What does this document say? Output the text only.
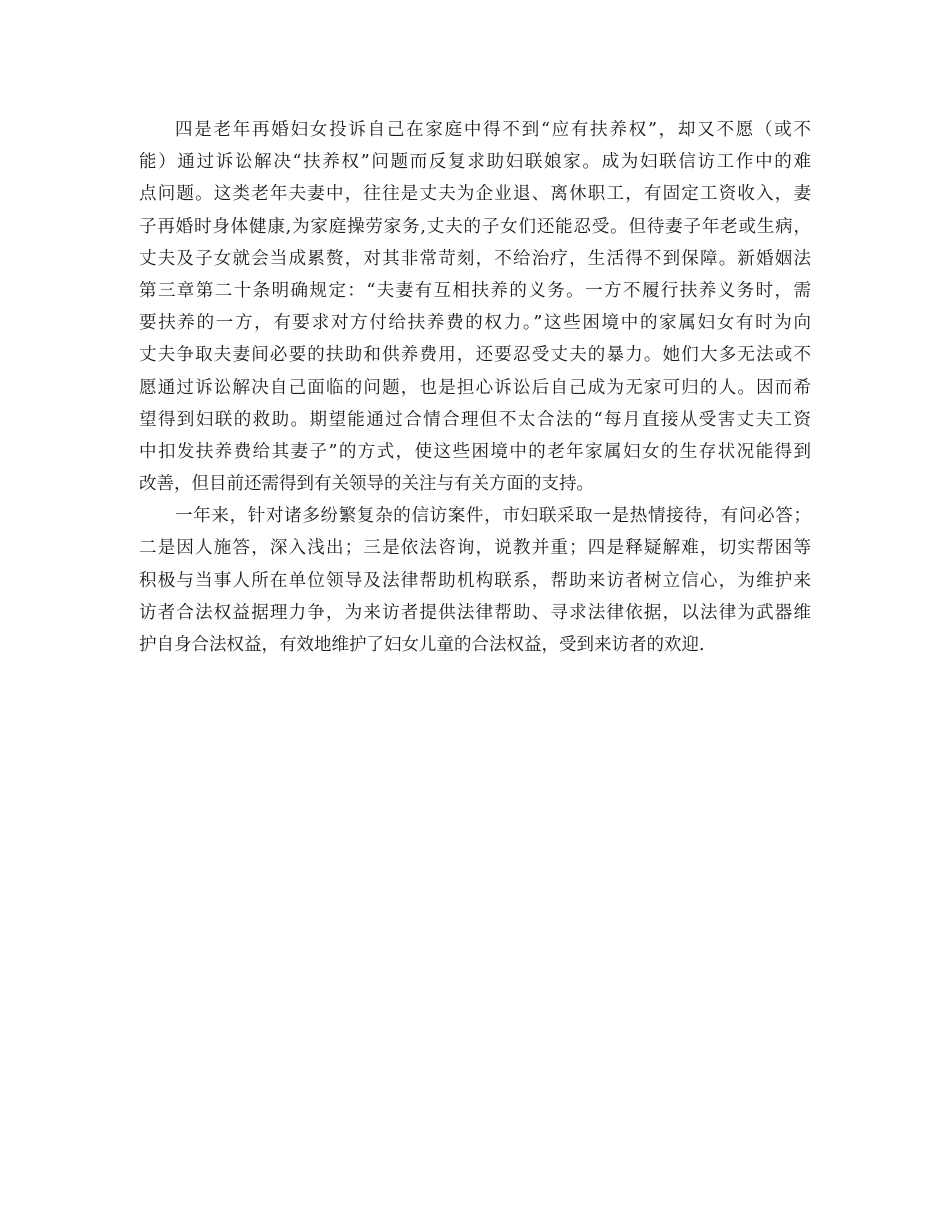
四是老年再婚妇女投诉自己在家庭中得不到“应有扶养权”，却又不愿（或不
能）通过诉讼解决“扶养权”问题而反复求助妇联娘家。成为妇联信访工作中的难
点问题。这类老年夫妻中，往往是丈夫为企业退、离休职工，有固定工资收入，妻
子再婚时身体健康,为家庭操劳家务,丈夫的子女们还能忍受。但待妻子年老或生病，
丈夫及子女就会当成累赘，对其非常苛刻，不给治疗，生活得不到保障。新婚姻法
第三章第二十条明确规定：“夫妻有互相扶养的义务。一方不履行扶养义务时，需
要扶养的一方，有要求对方付给扶养费的权力。”这些困境中的家属妇女有时为向
丈夫争取夫妻间必要的扶助和供养费用，还要忍受丈夫的暴力。她们大多无法或不
愿通过诉讼解决自己面临的问题，也是担心诉讼后自己成为无家可归的人。因而希
望得到妇联的救助。期望能通过合情合理但不太合法的“每月直接从受害丈夫工资
中扣发扶养费给其妻子”的方式，使这些困境中的老年家属妇女的生存状况能得到
改善，但目前还需得到有关领导的关注与有关方面的支持。
一年来，针对诸多纷繁复杂的信访案件，市妇联采取一是热情接待，有问必答；
二是因人施答，深入浅出；三是依法咨询，说教并重；四是释疑解难，切实帮困等
积极与当事人所在单位领导及法律帮助机构联系，帮助来访者树立信心，为维护来
访者合法权益据理力争，为来访者提供法律帮助、寻求法律依据，以法律为武器维
护自身合法权益，有效地维护了妇女儿童的合法权益，受到来访者的欢迎.
